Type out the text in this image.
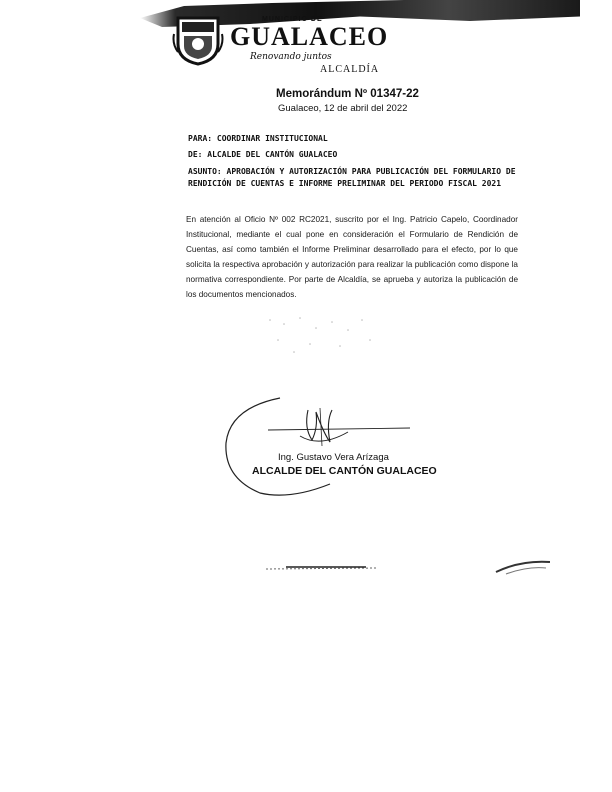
MUNICIPIO DE
GUALACEO
Renovando juntos
ALCALDÍA
Memorándum Nº 01347-22
Gualaceo, 12 de abril del 2022
PARA: COORDINAR INSTITUCIONAL
DE: ALCALDE DEL CANTÓN GUALACEO

ASUNTO: APROBACIÓN Y AUTORIZACIÓN PARA PUBLICACIÓN DEL FORMULARIO DE RENDICIÓN DE CUENTAS E INFORME PRELIMINAR DEL PERIODO FISCAL 2021

En atención al Oficio Nº 002 RC2021, suscrito por el Ing. Patricio Capelo, Coordinador Institucional, mediante el cual pone en consideración el Formulario de Rendición de Cuentas, así como también el Informe Preliminar desarrollado para el efecto, por lo que solicita la respectiva aprobación y autorización para realizar la publicación como dispone la normativa correspondiente. Por parte de Alcaldía, se aprueba y autoriza la publicación de los documentos mencionados.

Ing. Gustavo Vera Arízaga
ALCALDE DEL CANTÓN GUALACEO
